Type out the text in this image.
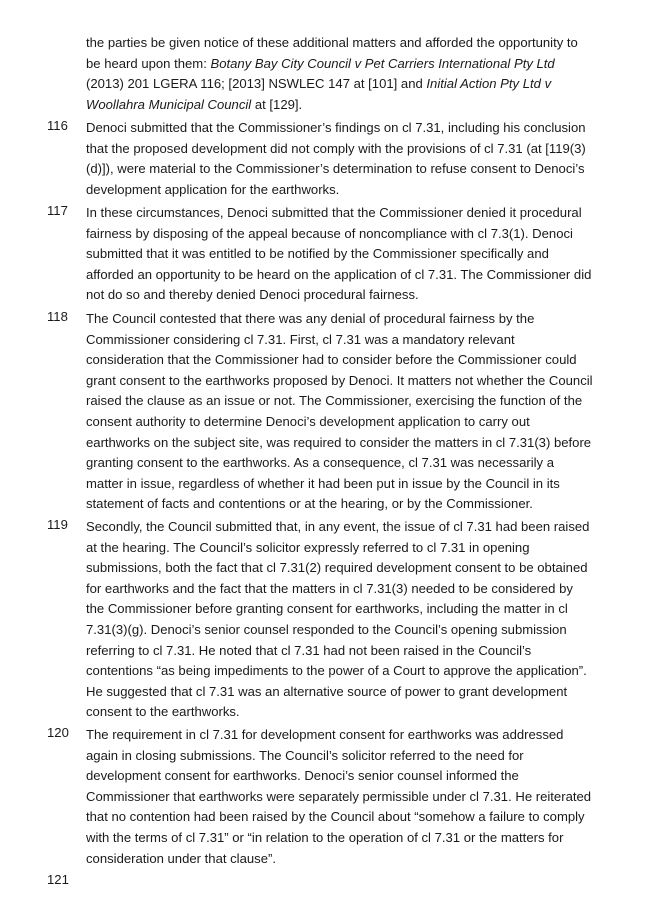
the parties be given notice of these additional matters and afforded the opportunity to
be heard upon them: Botany Bay City Council v Pet Carriers International Pty Ltd
(2013) 201 LGERA 116; [2013] NSWLEC 147 at [101] and Initial Action Pty Ltd v
Woollahra Municipal Council at [129].
116 Denoci submitted that the Commissioner’s findings on cl 7.31, including his conclusion
that the proposed development did not comply with the provisions of cl 7.31 (at [119(3)
(d)]), were material to the Commissioner’s determination to refuse consent to Denoci’s
development application for the earthworks.
117 In these circumstances, Denoci submitted that the Commissioner denied it procedural
fairness by disposing of the appeal because of noncompliance with cl 7.3(1). Denoci
submitted that it was entitled to be notified by the Commissioner specifically and
afforded an opportunity to be heard on the application of cl 7.31. The Commissioner did
not do so and thereby denied Denoci procedural fairness.
118 The Council contested that there was any denial of procedural fairness by the
Commissioner considering cl 7.31. First, cl 7.31 was a mandatory relevant
consideration that the Commissioner had to consider before the Commissioner could
grant consent to the earthworks proposed by Denoci. It matters not whether the Council
raised the clause as an issue or not. The Commissioner, exercising the function of the
consent authority to determine Denoci’s development application to carry out
earthworks on the subject site, was required to consider the matters in cl 7.31(3) before
granting consent to the earthworks. As a consequence, cl 7.31 was necessarily a
matter in issue, regardless of whether it had been put in issue by the Council in its
statement of facts and contentions or at the hearing, or by the Commissioner.
119 Secondly, the Council submitted that, in any event, the issue of cl 7.31 had been raised
at the hearing. The Council’s solicitor expressly referred to cl 7.31 in opening
submissions, both the fact that cl 7.31(2) required development consent to be obtained
for earthworks and the fact that the matters in cl 7.31(3) needed to be considered by
the Commissioner before granting consent for earthworks, including the matter in cl
7.31(3)(g). Denoci’s senior counsel responded to the Council’s opening submission
referring to cl 7.31. He noted that cl 7.31 had not been raised in the Council’s
contentions “as being impediments to the power of a Court to approve the application”.
He suggested that cl 7.31 was an alternative source of power to grant development
consent to the earthworks.
120 The requirement in cl 7.31 for development consent for earthworks was addressed
again in closing submissions. The Council’s solicitor referred to the need for
development consent for earthworks. Denoci’s senior counsel informed the
Commissioner that earthworks were separately permissible under cl 7.31. He reiterated
that no contention had been raised by the Council about “somehow a failure to comply
with the terms of cl 7.31” or “in relation to the operation of cl 7.31 or the matters for
consideration under that clause”.
121
